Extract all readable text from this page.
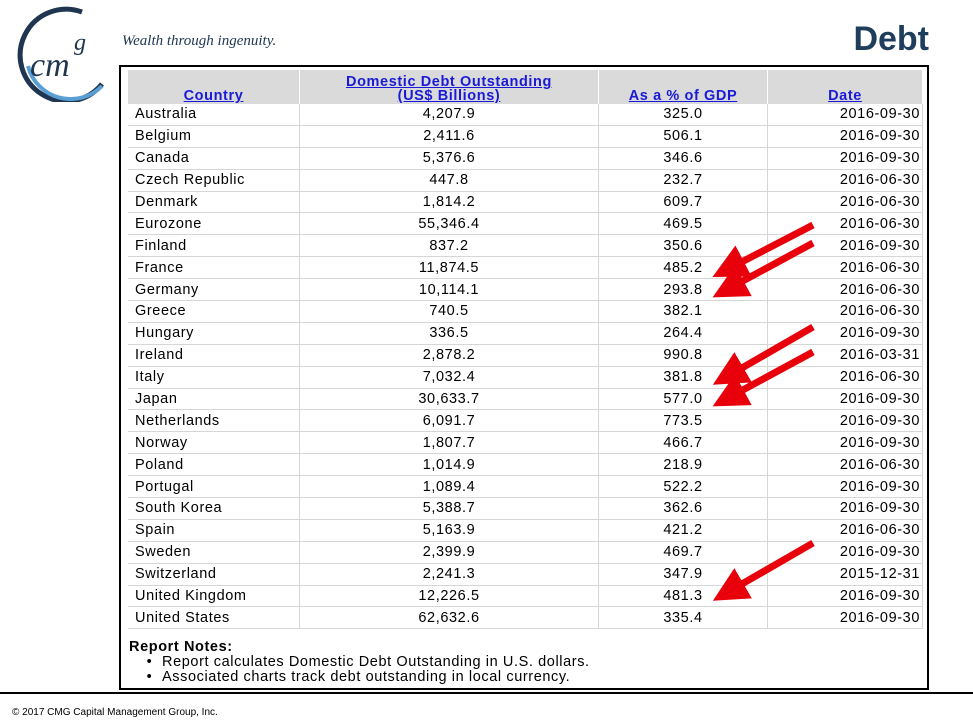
cm
g Wealth through ingenuity.	Debt
Country	Domestic Debt Outstanding
(US$ Billions)	As a % of GDP	Date
Australia	4,207.9	325.0	2016-09-30
Belgium	2,411.6	506.1	2016-09-30
Canada	5,376.6	346.6	2016-09-30
Czech Republic	447.8	232.7	2016-06-30
Denmark	1,814.2	609.7	2016-06-30
Eurozone	55,346.4	469.5	2016-06-30
Finland	837.2	350.6	2016-09-30
France	11,874.5	485.2	2016-06-30
Germany	10,114.1	293.8	2016-06-30
Greece	740.5	382.1	2016-06-30
Hungary	336.5	264.4	2016-09-30
Ireland	2,878.2	990.8	2016-03-31
Italy	7,032.4	381.8	2016-06-30
Japan	30,633.7	577.0	2016-09-30
Netherlands	6,091.7	773.5	2016-09-30
Norway	1,807.7	466.7	2016-09-30
Poland	1,014.9	218.9	2016-06-30
Portugal	1,089.4	522.2	2016-09-30
South Korea	5,388.7	362.6	2016-09-30
Spain	5,163.9	421.2	2016-06-30
Sweden	2,399.9	469.7	2016-09-30
Switzerland	2,241.3	347.9	2015-12-31
United Kingdom	12,226.5	481.3	2016-09-30
United States	62,632.6	335.4	2016-09-30
Report Notes:
• Report calculates Domestic Debt Outstanding in U.S. dollars.
• Associated charts track debt outstanding in local currency.
© 2017 CMG Capital Management Group, Inc.
